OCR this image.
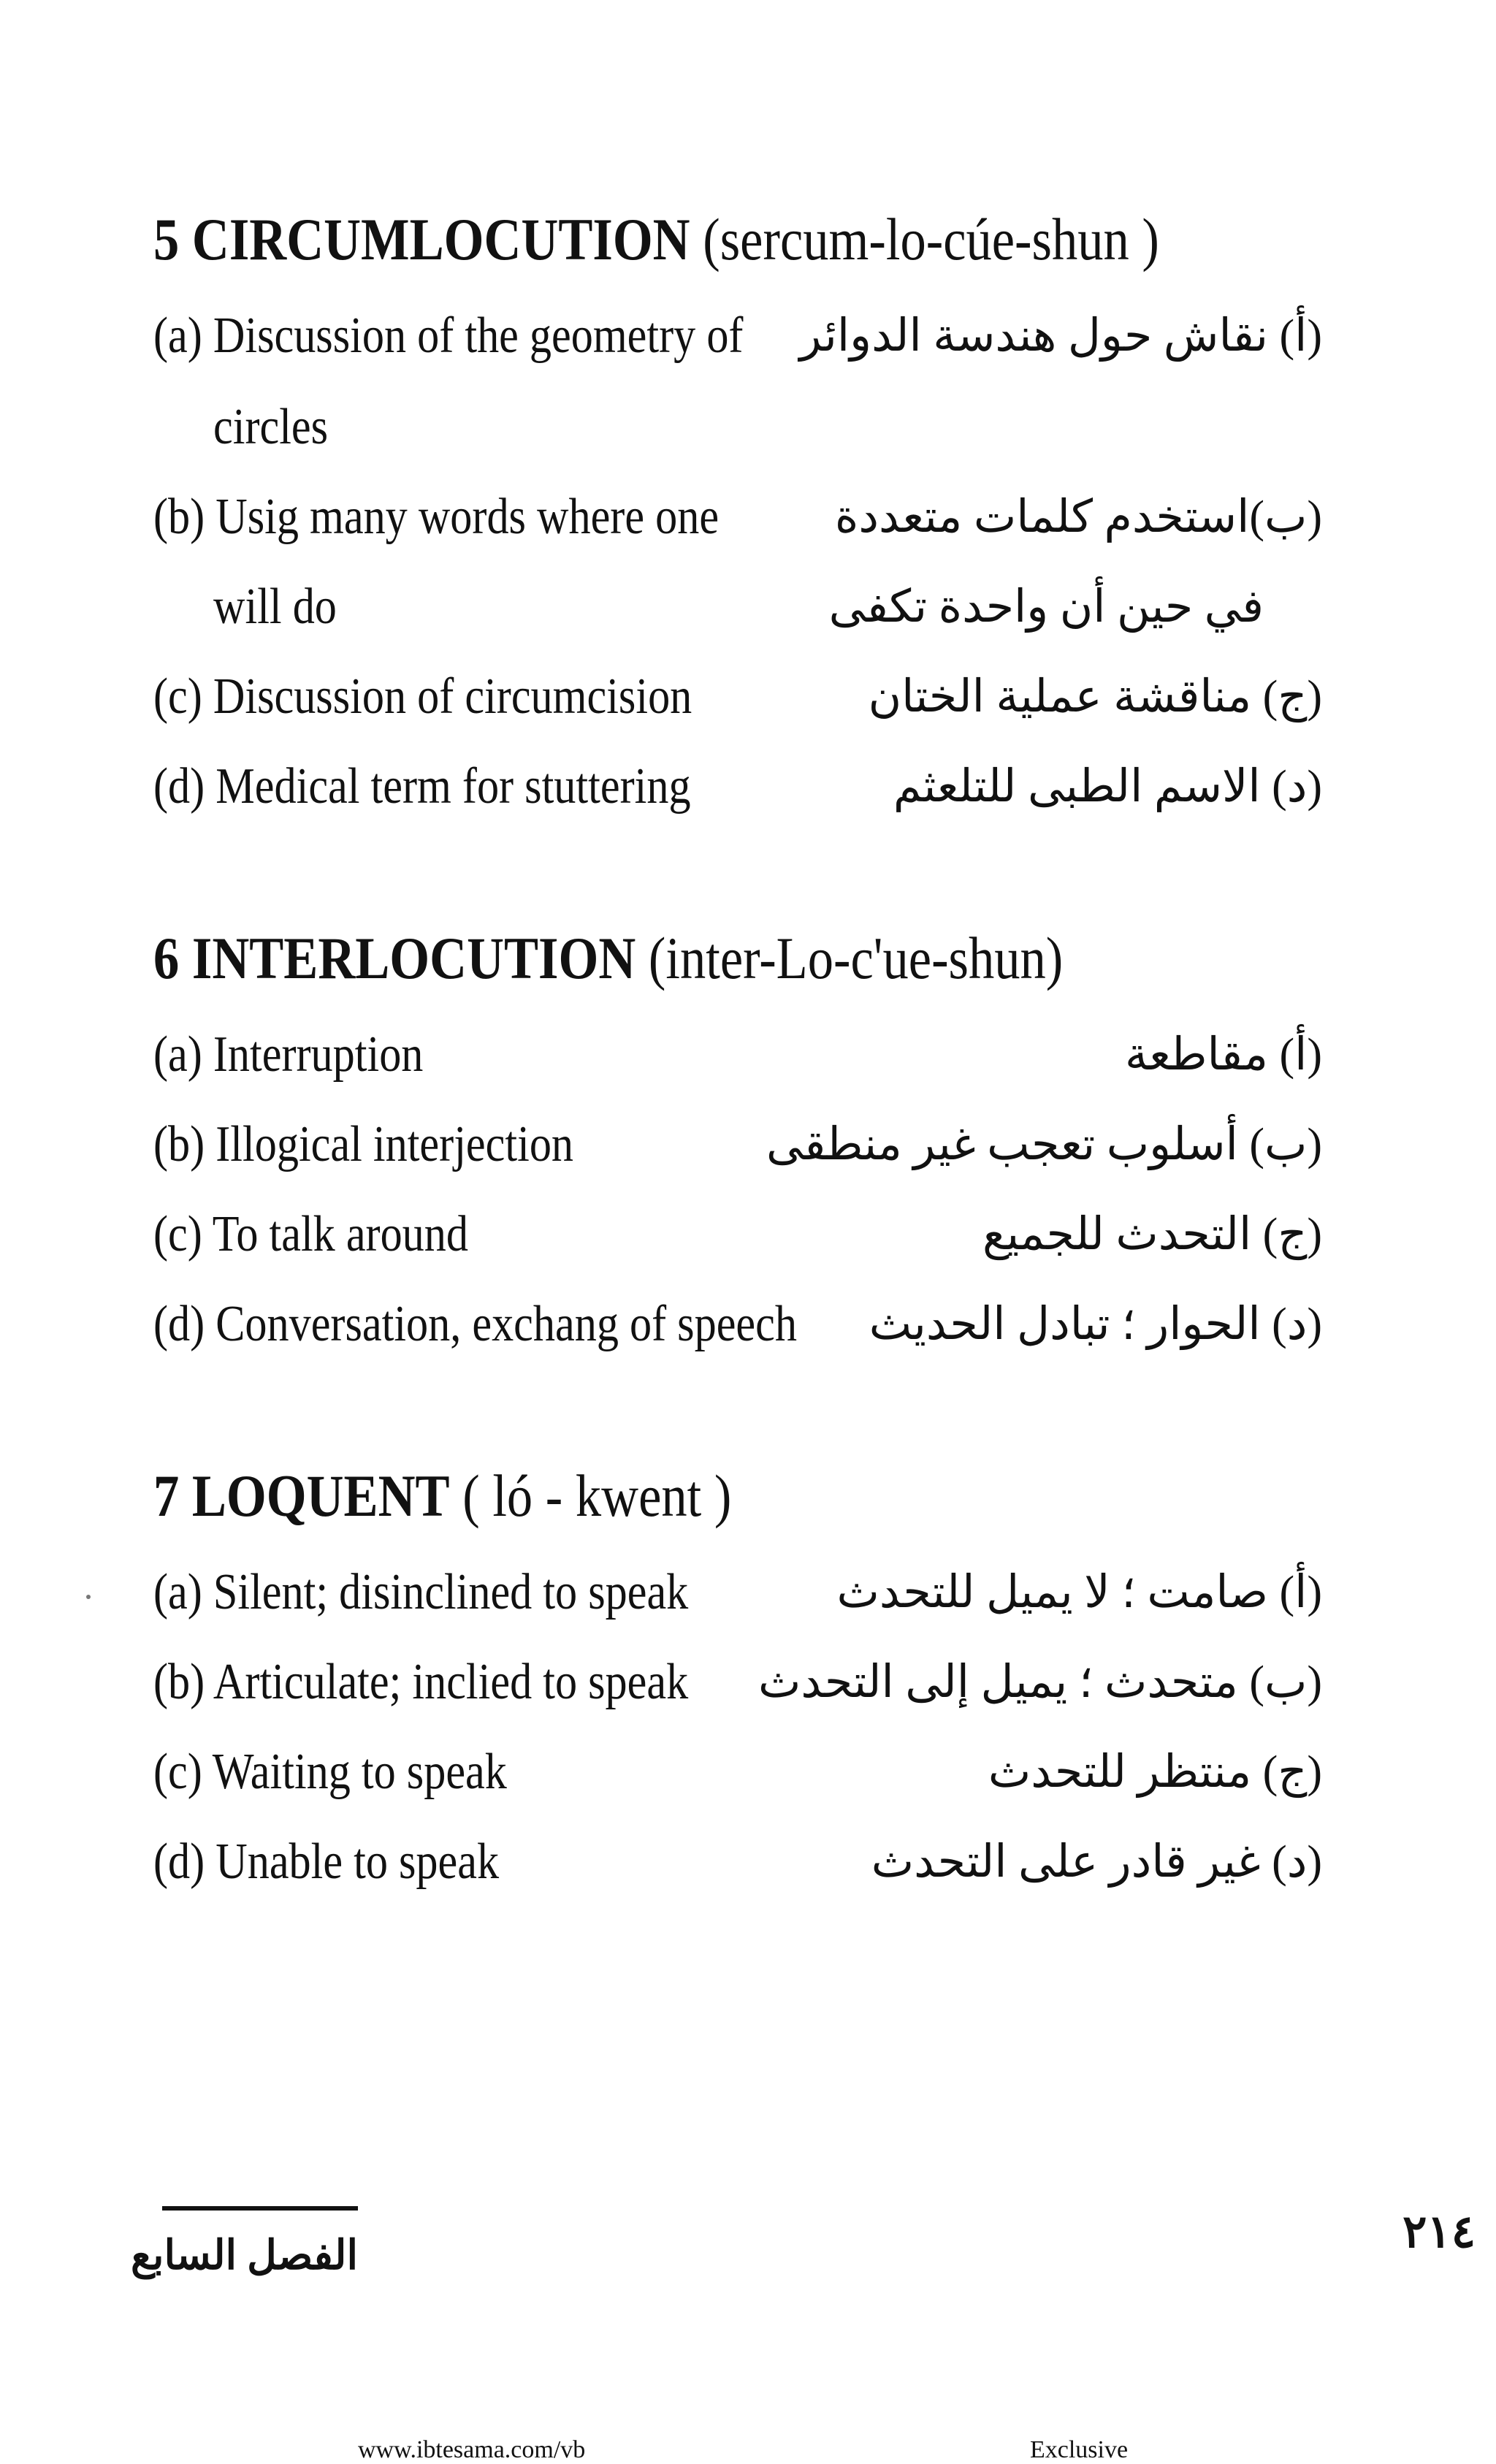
5 CIRCUMLOCUTION (sercum-lo-cúe-shun )
(a) Discussion of the geometry of (أ) نقاش حول هندسة الدوائر
circles
(b) Usig many words where one	(ب)استخدم كلمات متعددة
will do	في حين أن واحدة تكفى
(c) Discussion of circumcision	(ج) مناقشة عملية الختان
(d) Medical term for stuttering	(د) الاسم الطبى للتلعثم
6 INTERLOCUTION (inter-Lo-c'ue-shun)
(a) Interruption	(أ) مقاطعة
(b) Illogical interjection	(ب) أسلوب تعجب غير منطقى
(c) To talk around	(ج) التحدث للجميع
(d) Conversation, exchang of speech (د) الحوار ؛ تبادل الحديث
7 LOQUENT ( ló - kwent )
(a) Silent; disinclined to speak	(أ) صامت ؛ لا يميل للتحدث
(b) Articulate; inclied to speak (ب) متحدث ؛ يميل إلى التحدث
(c) Waiting to speak	(ج) منتظر للتحدث
(d) Unable to speak	(د) غير قادر على التحدث
الفصل السابع	٢١٤
www.ibtesama.com/vb	Exclusive
